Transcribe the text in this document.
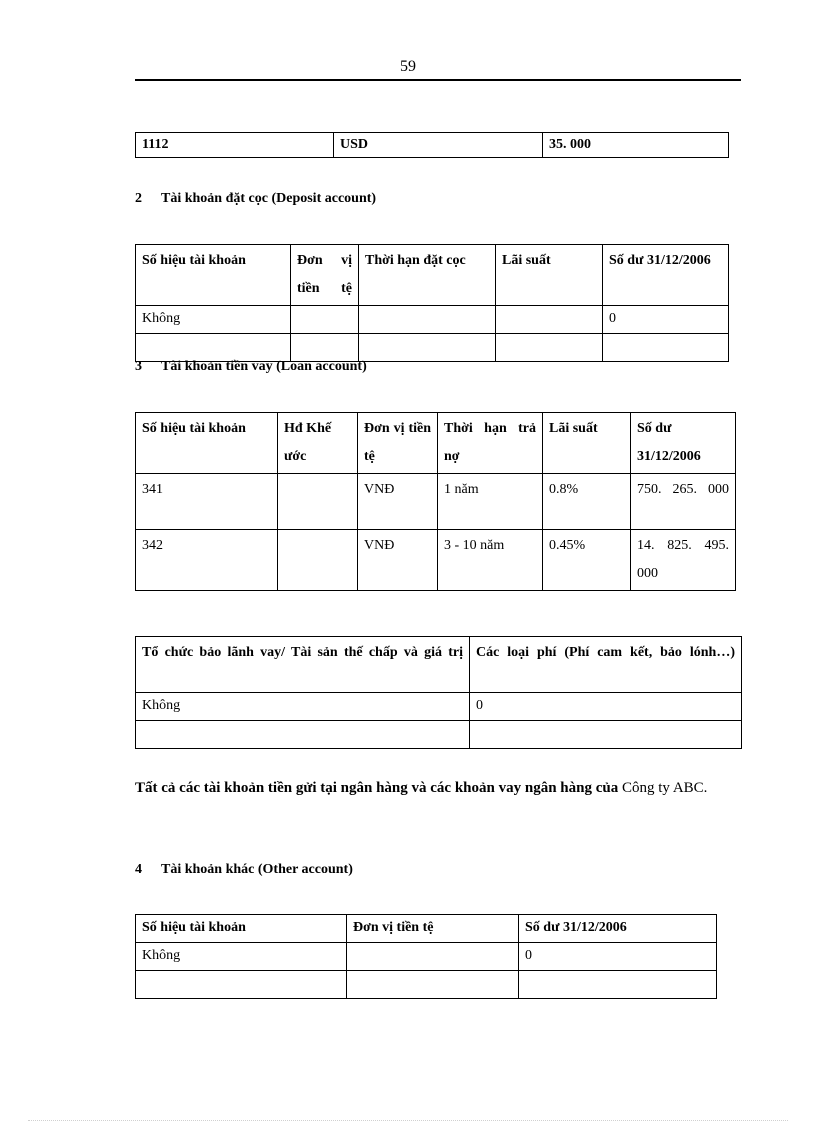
59
1112	USD	35. 000
2 Tài khoản đặt cọc (Deposit account)
Số hiệu tài khoản	Đơn vị tiền tệ	Thời hạn đặt cọc	Lãi suất	Số dư 31/12/2006
Không				0

3 Tài khoản tiền vay (Loan account)
Số hiệu tài khoản	Hđ Khế ước	Đơn vị tiền tệ	Thời hạn trả nợ	Lãi suất	Số dư 31/12/2006
341		VNĐ	1 năm	0.8%	750. 265. 000
342		VNĐ	3 - 10 năm	0.45%	14. 825. 495. 000
Tổ chức bảo lãnh vay/ Tài sản thế chấp và giá trị	Các loại phí (Phí cam kết, bảo lónh…)
Không	0

Tất cả các tài khoản tiền gửi tại ngân hàng và các khoản vay ngân hàng của Công ty ABC.
4 Tài khoản khác (Other account)
Số hiệu tài khoản	Đơn vị tiền tệ	Số dư 31/12/2006
Không		0
